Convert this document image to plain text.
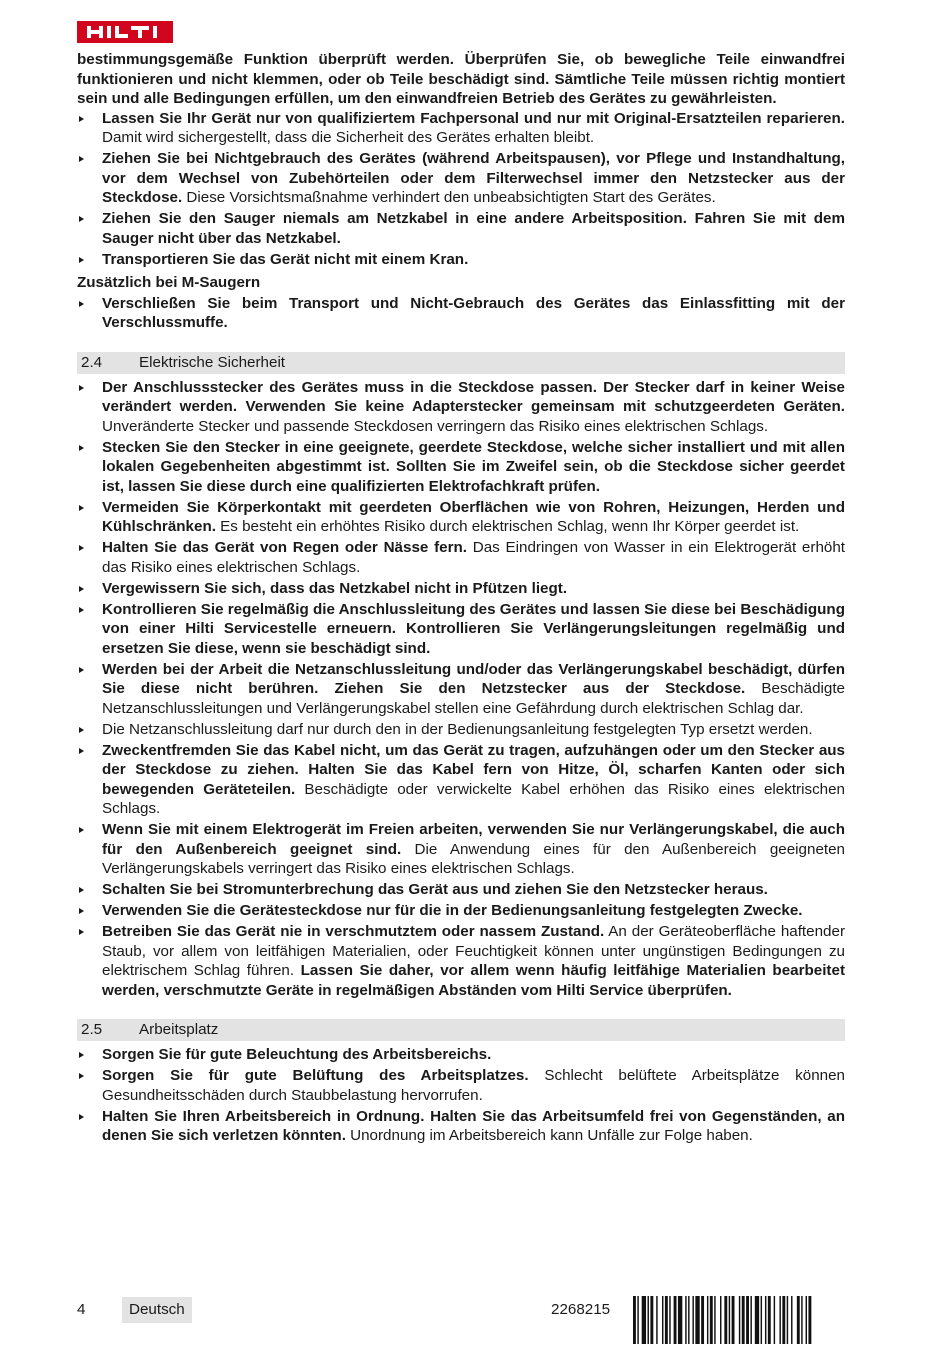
bestimmungsgemäße Funktion überprüft werden. Überprüfen Sie, ob bewegliche Teile einwandfrei funktionieren und nicht klemmen, oder ob Teile beschädigt sind. Sämtliche Teile müssen richtig montiert sein und alle Bedingungen erfüllen, um den einwandfreien Betrieb des Gerätes zu gewährleisten.

Lassen Sie Ihr Gerät nur von qualifiziertem Fachpersonal und nur mit Original-Ersatzteilen reparieren. Damit wird sichergestellt, dass die Sicherheit des Gerätes erhalten bleibt.
Ziehen Sie bei Nichtgebrauch des Gerätes (während Arbeitspausen), vor Pflege und Instandhaltung, vor dem Wechsel von Zubehörteilen oder dem Filterwechsel immer den Netzstecker aus der Steckdose. Diese Vorsichtsmaßnahme verhindert den unbeabsichtigten Start des Gerätes.
Ziehen Sie den Sauger niemals am Netzkabel in eine andere Arbeitsposition. Fahren Sie mit dem Sauger nicht über das Netzkabel.
Transportieren Sie das Gerät nicht mit einem Kran.
Zusätzlich bei M-Saugern
Verschließen Sie beim Transport und Nicht-Gebrauch des Gerätes das Einlassfitting mit der Verschlussmuffe.
2.4	Elektrische Sicherheit
Der Anschlussstecker des Gerätes muss in die Steckdose passen. Der Stecker darf in keiner Weise verändert werden. Verwenden Sie keine Adapterstecker gemeinsam mit schutzgeerdeten Geräten. Unveränderte Stecker und passende Steckdosen verringern das Risiko eines elektrischen Schlags.
Stecken Sie den Stecker in eine geeignete, geerdete Steckdose, welche sicher installiert und mit allen lokalen Gegebenheiten abgestimmt ist. Sollten Sie im Zweifel sein, ob die Steckdose sicher geerdet ist, lassen Sie diese durch eine qualifizierten Elektrofachkraft prüfen.
Vermeiden Sie Körperkontakt mit geerdeten Oberflächen wie von Rohren, Heizungen, Herden und Kühlschränken. Es besteht ein erhöhtes Risiko durch elektrischen Schlag, wenn Ihr Körper geerdet ist.
Halten Sie das Gerät von Regen oder Nässe fern. Das Eindringen von Wasser in ein Elektrogerät erhöht das Risiko eines elektrischen Schlags.
Vergewissern Sie sich, dass das Netzkabel nicht in Pfützen liegt.
Kontrollieren Sie regelmäßig die Anschlussleitung des Gerätes und lassen Sie diese bei Beschädigung von einer Hilti Servicestelle erneuern. Kontrollieren Sie Verlängerungsleitungen regelmäßig und ersetzen Sie diese, wenn sie beschädigt sind.
Werden bei der Arbeit die Netzanschlussleitung und/oder das Verlängerungskabel beschädigt, dürfen Sie diese nicht berühren. Ziehen Sie den Netzstecker aus der Steckdose. Beschädigte Netzanschlussleitungen und Verlängerungskabel stellen eine Gefährdung durch elektrischen Schlag dar.
Die Netzanschlussleitung darf nur durch den in der Bedienungsanleitung festgelegten Typ ersetzt werden.
Zweckentfremden Sie das Kabel nicht, um das Gerät zu tragen, aufzuhängen oder um den Stecker aus der Steckdose zu ziehen. Halten Sie das Kabel fern von Hitze, Öl, scharfen Kanten oder sich bewegenden Geräteteilen. Beschädigte oder verwickelte Kabel erhöhen das Risiko eines elektrischen Schlags.
Wenn Sie mit einem Elektrogerät im Freien arbeiten, verwenden Sie nur Verlängerungskabel, die auch für den Außenbereich geeignet sind. Die Anwendung eines für den Außenbereich geeigneten Verlängerungskabels verringert das Risiko eines elektrischen Schlags.
Schalten Sie bei Stromunterbrechung das Gerät aus und ziehen Sie den Netzstecker heraus.
Verwenden Sie die Gerätesteckdose nur für die in der Bedienungsanleitung festgelegten Zwecke.
Betreiben Sie das Gerät nie in verschmutztem oder nassem Zustand. An der Geräteoberfläche haftender Staub, vor allem von leitfähigen Materialien, oder Feuchtigkeit können unter ungünstigen Bedingungen zu elektrischem Schlag führen. Lassen Sie daher, vor allem wenn häufig leitfähige Materialien bearbeitet werden, verschmutzte Geräte in regelmäßigen Abständen vom Hilti Service überprüfen.
2.5	Arbeitsplatz
Sorgen Sie für gute Beleuchtung des Arbeitsbereichs.
Sorgen Sie für gute Belüftung des Arbeitsplatzes. Schlecht belüftete Arbeitsplätze können Gesundheitsschäden durch Staubbelastung hervorrufen.
Halten Sie Ihren Arbeitsbereich in Ordnung. Halten Sie das Arbeitsumfeld frei von Gegenständen, an denen Sie sich verletzen könnten. Unordnung im Arbeitsbereich kann Unfälle zur Folge haben.
4	Deutsch	2268215
